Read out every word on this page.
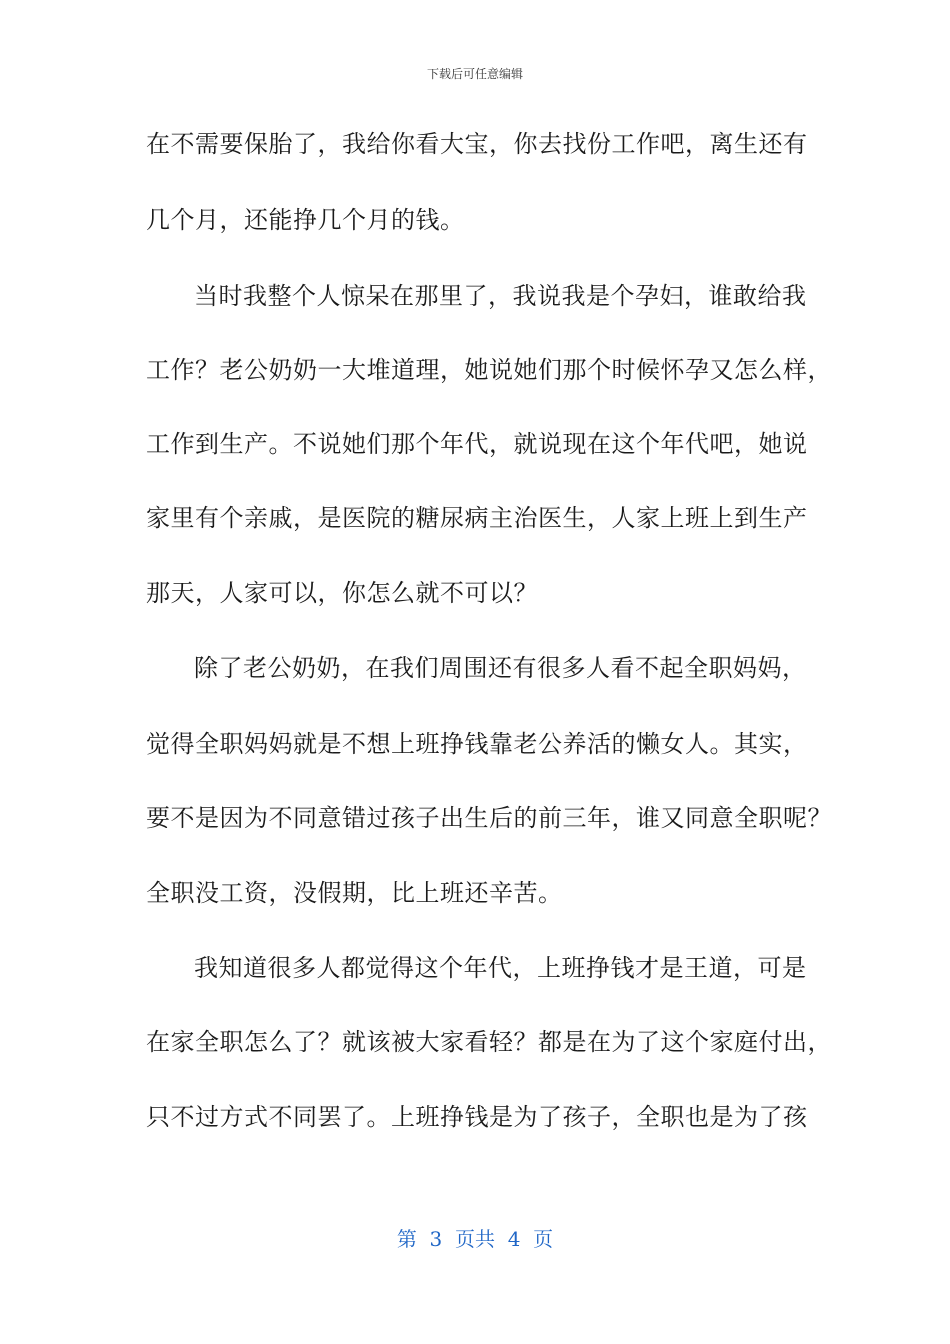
下载后可任意编辑
在不需要保胎了，我给你看大宝，你去找份工作吧，离生还有
几个月，还能挣几个月的钱。
当时我整个人惊呆在那里了，我说我是个孕妇，谁敢给我
工作？老公奶奶一大堆道理，她说她们那个时候怀孕又怎么样，
工作到生产。不说她们那个年代，就说现在这个年代吧，她说
家里有个亲戚，是医院的糖尿病主治医生，人家上班上到生产
那天，人家可以，你怎么就不可以？
除了老公奶奶，在我们周围还有很多人看不起全职妈妈，
觉得全职妈妈就是不想上班挣钱靠老公养活的懒女人。其实，
要不是因为不同意错过孩子出生后的前三年，谁又同意全职呢？
全职没工资，没假期，比上班还辛苦。
我知道很多人都觉得这个年代，上班挣钱才是王道，可是
在家全职怎么了？就该被大家看轻？都是在为了这个家庭付出，
只不过方式不同罢了。上班挣钱是为了孩子，全职也是为了孩
第  3  页共  4  页
